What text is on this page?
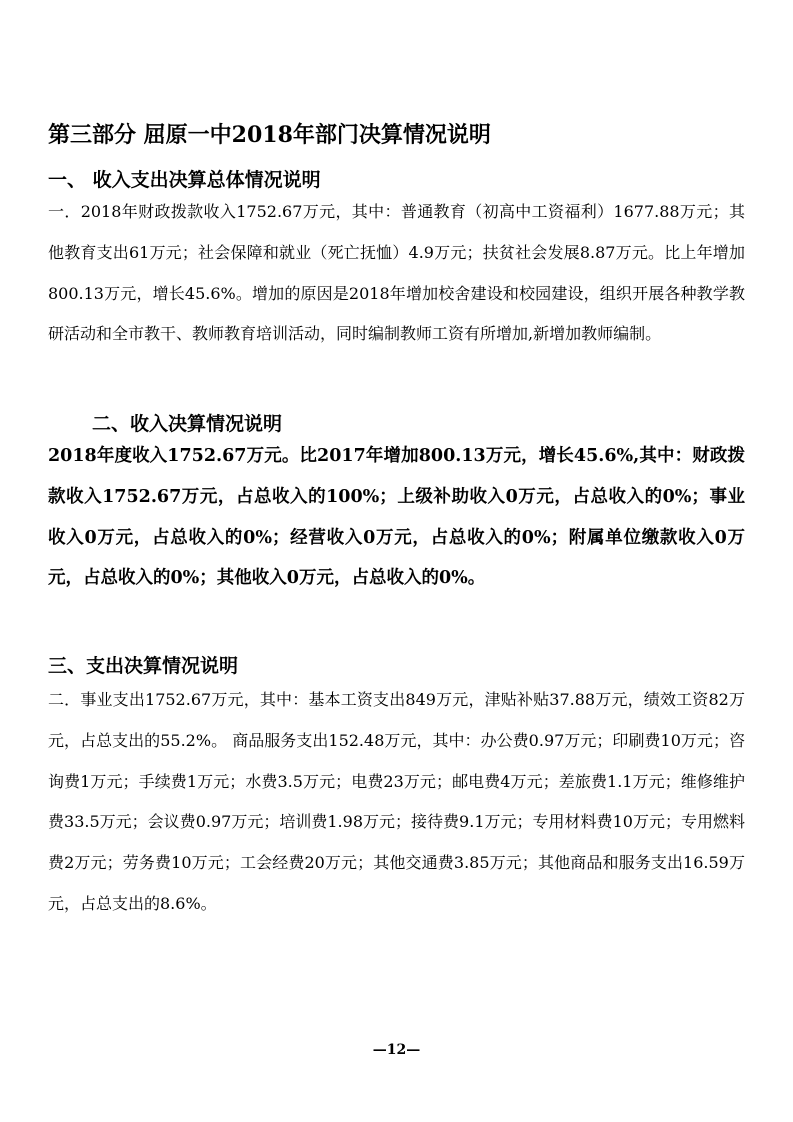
第三部分 屈原一中2018年部门决算情况说明
一、 收入支出决算总体情况说明
一．2018年财政拨款收入1752.67万元，其中：普通教育（初高中工资福利）1677.88万元；其他教育支出61万元；社会保障和就业（死亡抚恤）4.9万元；扶贫社会发展8.87万元。比上年增加800.13万元，增长45.6%。增加的原因是2018年增加校舍建设和校园建设，组织开展各种教学教研活动和全市教干、教师教育培训活动，同时编制教师工资有所增加,新增加教师编制。
二、收入决算情况说明
2018年度收入1752.67万元。比2017年增加800.13万元，增长45.6%,其中：财政拨款收入1752.67万元，占总收入的100%；上级补助收入0万元，占总收入的0%；事业收入0万元，占总收入的0%；经营收入0万元，占总收入的0%；附属单位缴款收入0万元，占总收入的0%；其他收入0万元，占总收入的0%。
三、支出决算情况说明
二．事业支出1752.67万元，其中：基本工资支出849万元，津贴补贴37.88万元，绩效工资82万元，占总支出的55.2%。 商品服务支出152.48万元，其中：办公费0.97万元；印刷费10万元；咨询费1万元；手续费1万元；水费3.5万元；电费23万元；邮电费4万元；差旅费1.1万元；维修维护费33.5万元；会议费0.97万元；培训费1.98万元；接待费9.1万元；专用材料费10万元；专用燃料费2万元；劳务费10万元；工会经费20万元；其他交通费3.85万元；其他商品和服务支出16.59万元，占总支出的8.6%。
—12—
